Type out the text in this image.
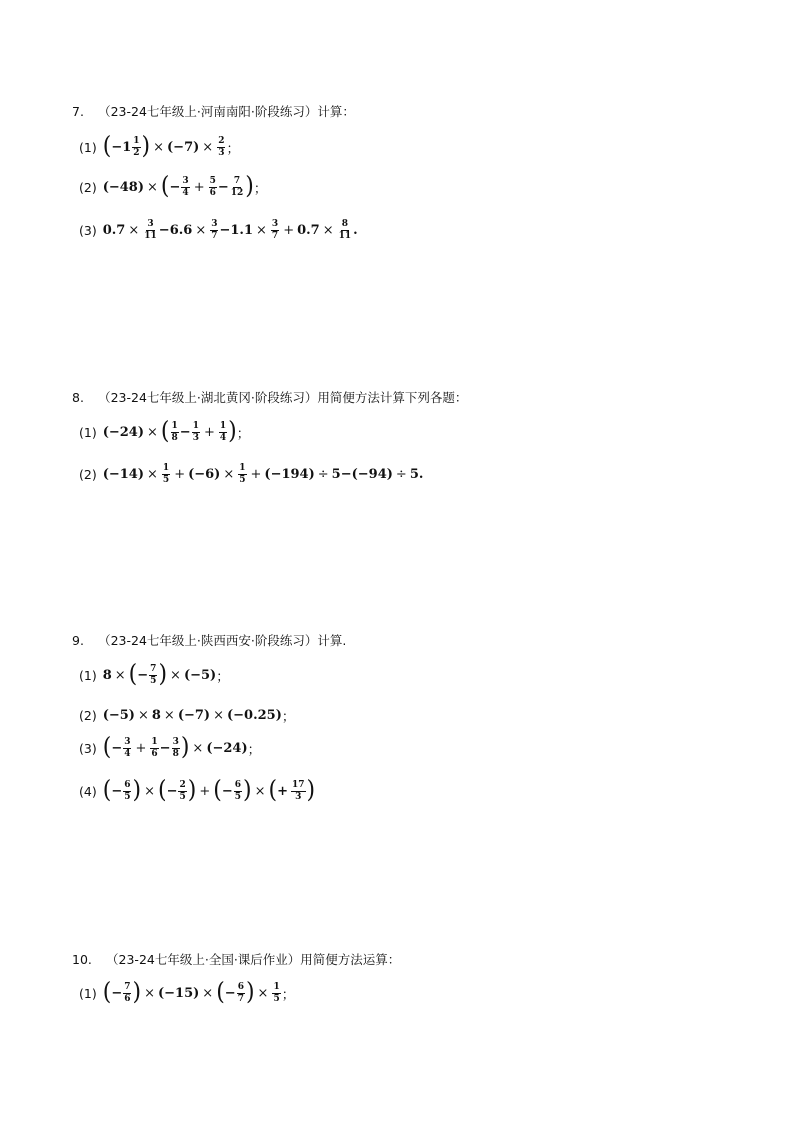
7. （23-24七年级上·河南南阳·阶段练习）计算：
(1) ( $-1 \frac{1}{2}$ ) × $(-7) \times \frac{2}{3}$ ；
(2) (−48) × ( − $\frac{3}{4} + \frac{5}{6} - \frac{7}{12}$ ) ；
(3) $0.7 \times \frac{3}{11} - 6.6 \times \frac{3}{7} - 1.1 \times \frac{3}{7} + 0.7 \times \frac{8}{11}$ .
8. （23-24七年级上·湖北黄冈·阶段练习）用简便方法计算下列各题：
(1) (−24) × ( $\frac{1}{8} - \frac{1}{3} + \frac{1}{4}$ ) ；
(2) $(-14) \times \frac{1}{5} + (-6) \times \frac{1}{5} + (-194) \div 5 - (-94) \div 5$ .
9. （23-24七年级上·陕西西安·阶段练习）计算.
(1) 8 × ( − $\frac{7}{5}$ ) × (−5) ；
(2) (−5) × 8 × (−7) × (−0.25) ；
(3) ( − $\frac{3}{4} + \frac{1}{6} - \frac{3}{8}$ ) × (−24) ；
(4) ( − $\frac{6}{5}$ ) × ( − $\frac{2}{5}$ ) + ( − $\frac{6}{5}$ ) × ( + $\frac{17}{3}$ )
10. （23-24七年级上·全国·课后作业）用简便方法运算：
(1) ( − $\frac{7}{6}$ ) × (−15) × ( − $\frac{6}{7}$ ) × $\frac{1}{5}$ ；
